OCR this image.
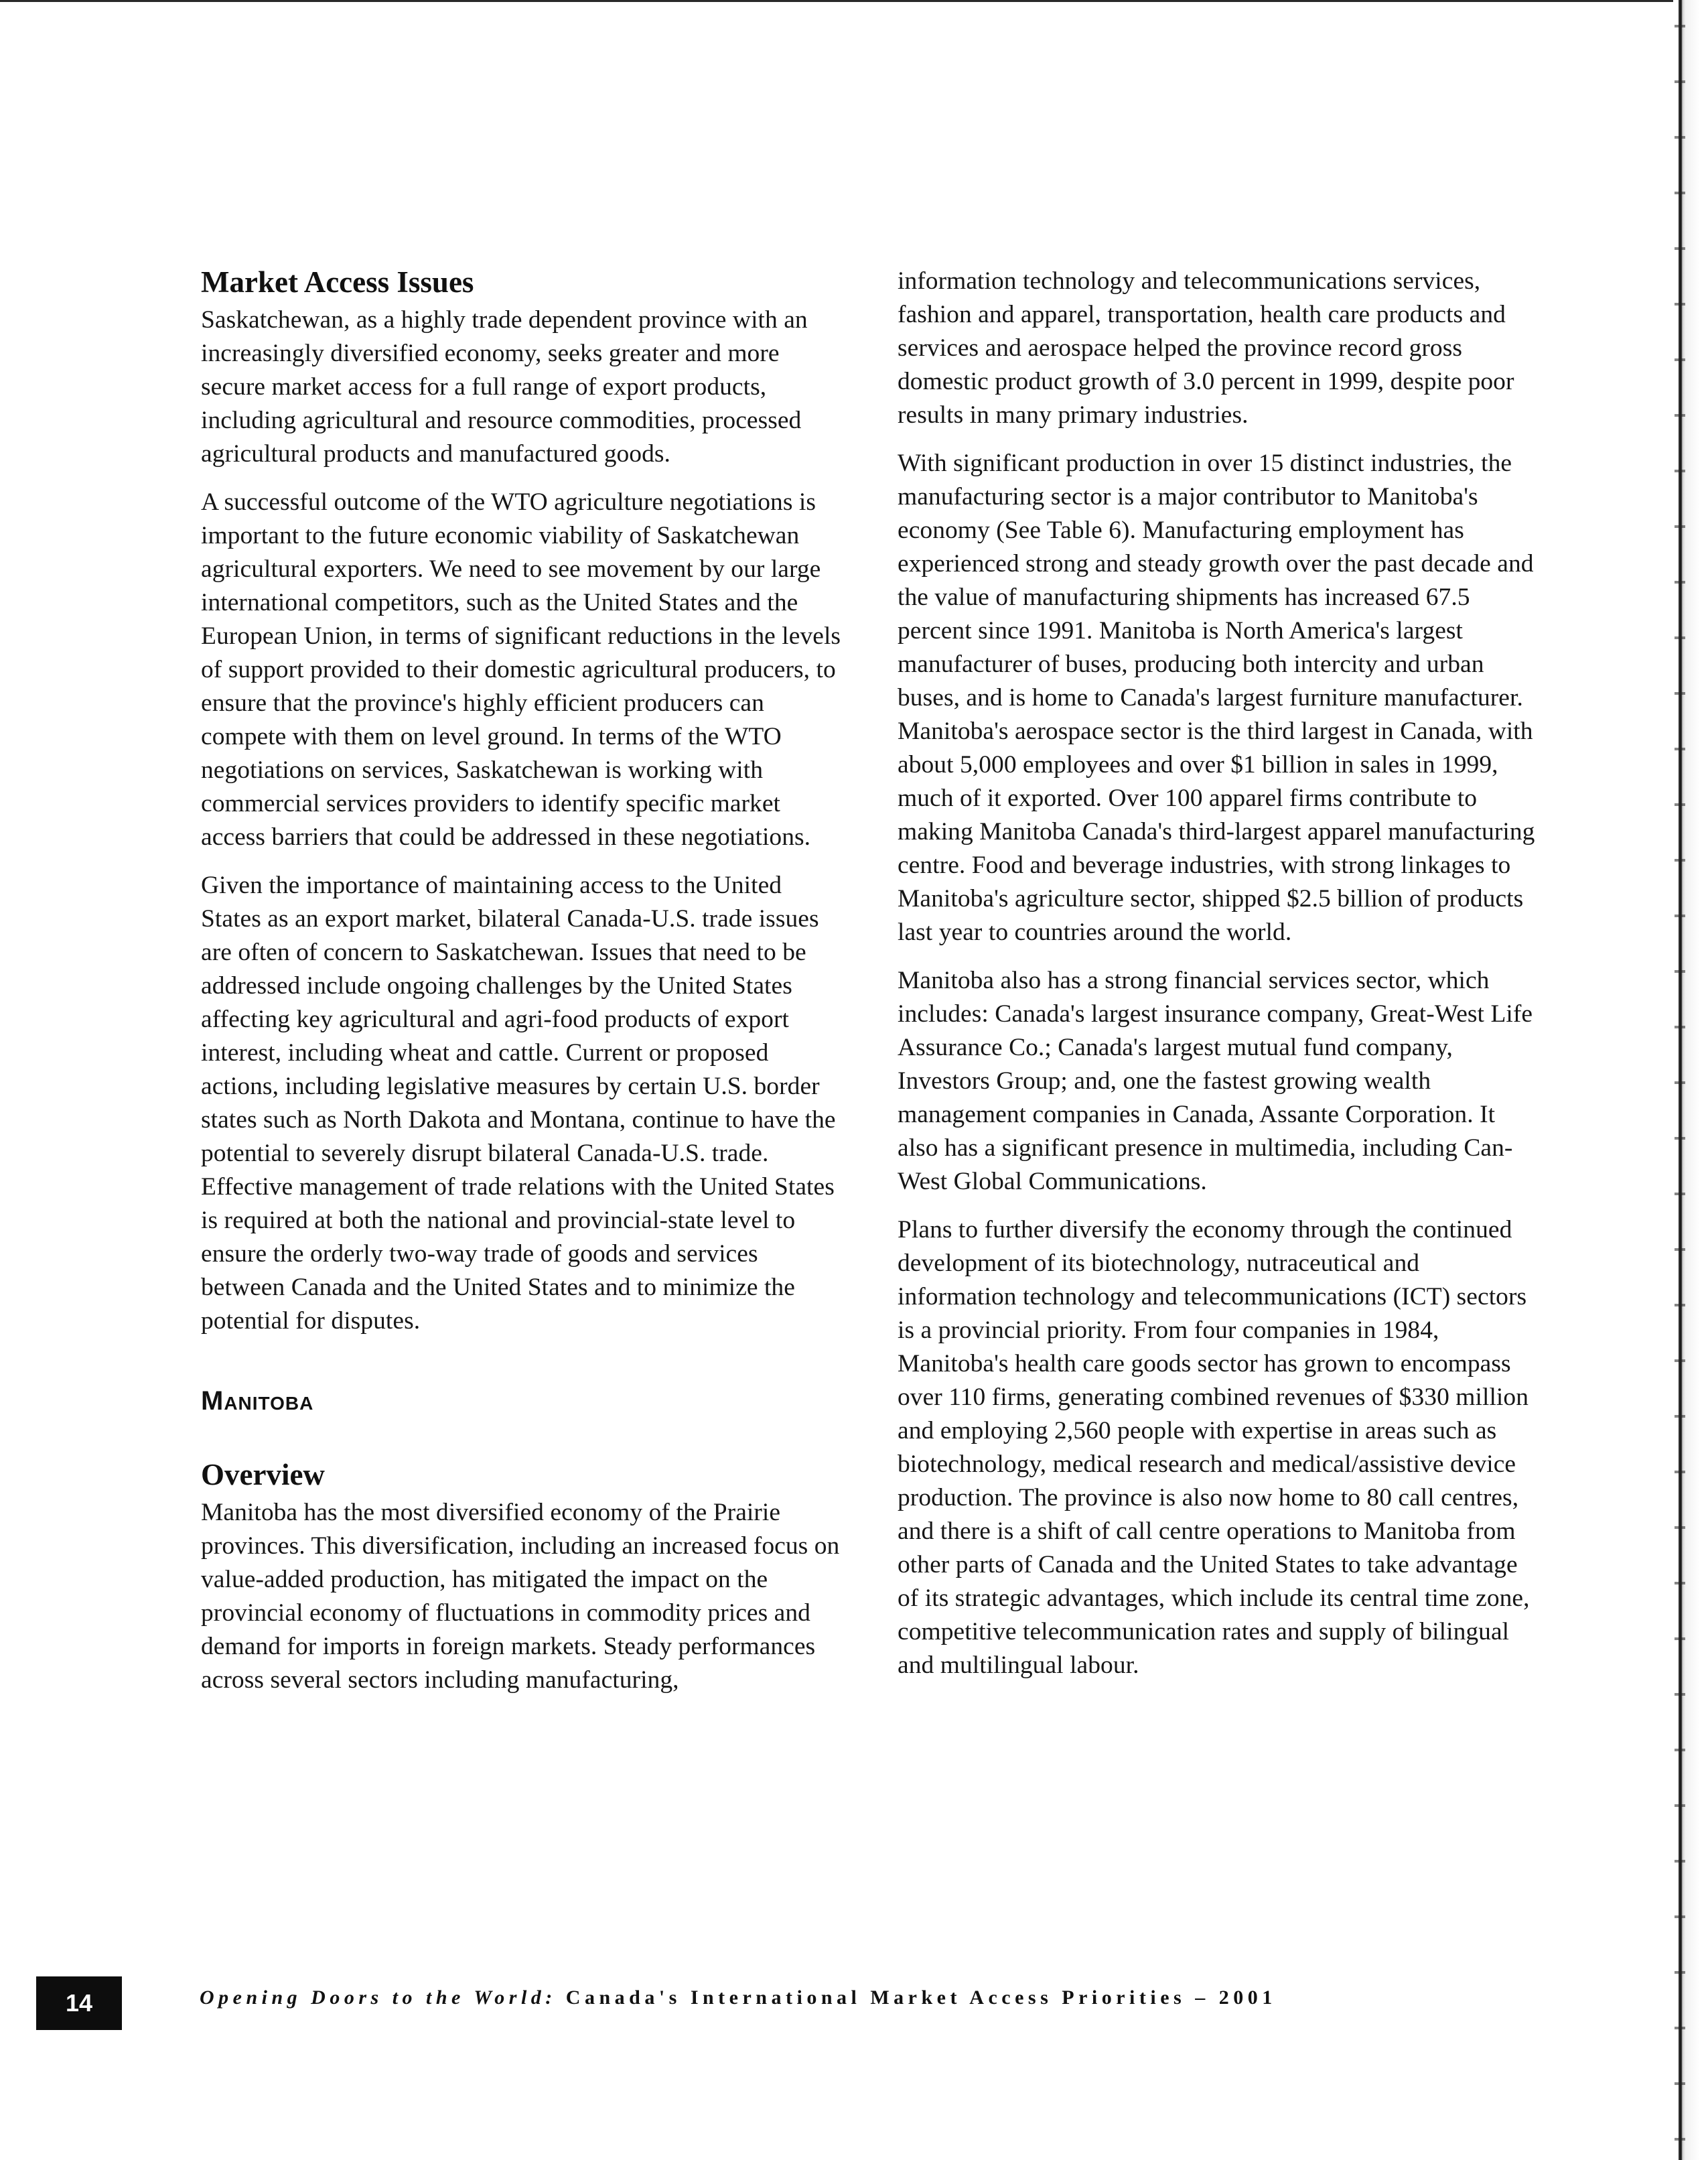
Market Access Issues

Saskatchewan, as a highly trade dependent province with an increasingly diversified economy, seeks greater and more secure market access for a full range of export products, including agricultural and resource commodities, processed agricultural products and manufactured goods.

A successful outcome of the WTO agriculture negotiations is important to the future economic viability of Saskatchewan agricultural exporters. We need to see movement by our large international competitors, such as the United States and the European Union, in terms of significant reductions in the levels of support provided to their domestic agricultural producers, to ensure that the province's highly efficient producers can compete with them on level ground. In terms of the WTO negotiations on services, Saskatchewan is working with commercial services providers to identify specific market access barriers that could be addressed in these negotiations.

Given the importance of maintaining access to the United States as an export market, bilateral Canada-U.S. trade issues are often of concern to Saskatchewan. Issues that need to be addressed include ongoing challenges by the United States affecting key agricultural and agri-food products of export interest, including wheat and cattle. Current or proposed actions, including legislative measures by certain U.S. border states such as North Dakota and Montana, continue to have the potential to severely disrupt bilateral Canada-U.S. trade. Effective management of trade relations with the United States is required at both the national and provincial-state level to ensure the orderly two-way trade of goods and services between Canada and the United States and to minimize the potential for disputes.

Manitoba
Overview

Manitoba has the most diversified economy of the Prairie provinces. This diversification, including an increased focus on value-added production, has mitigated the impact on the provincial economy of fluctuations in commodity prices and demand for imports in foreign markets. Steady performances across several sectors including manufacturing,

information technology and telecommunications services, fashion and apparel, transportation, health care products and services and aerospace helped the province record gross domestic product growth of 3.0 percent in 1999, despite poor results in many primary industries.

With significant production in over 15 distinct industries, the manufacturing sector is a major contributor to Manitoba's economy (See Table 6). Manufacturing employment has experienced strong and steady growth over the past decade and the value of manufacturing shipments has increased 67.5 percent since 1991. Manitoba is North America's largest manufacturer of buses, producing both intercity and urban buses, and is home to Canada's largest furniture manufacturer. Manitoba's aerospace sector is the third largest in Canada, with about 5,000 employees and over $1 billion in sales in 1999, much of it exported. Over 100 apparel firms contribute to making Manitoba Canada's third-largest apparel manufacturing centre. Food and beverage industries, with strong linkages to Manitoba's agriculture sector, shipped $2.5 billion of products last year to countries around the world.

Manitoba also has a strong financial services sector, which includes: Canada's largest insurance company, Great-West Life Assurance Co.; Canada's largest mutual fund company, Investors Group; and, one the fastest growing wealth management companies in Canada, Assante Corporation. It also has a significant presence in multimedia, including Can-West Global Communications.

Plans to further diversify the economy through the continued development of its biotechnology, nutraceutical and information technology and telecommunications (ICT) sectors is a provincial priority. From four companies in 1984, Manitoba's health care goods sector has grown to encompass over 110 firms, generating combined revenues of $330 million and employing 2,560 people with expertise in areas such as biotechnology, medical research and medical/assistive device production. The province is also now home to 80 call centres, and there is a shift of call centre operations to Manitoba from other parts of Canada and the United States to take advantage of its strategic advantages, which include its central time zone, competitive telecommunication rates and supply of bilingual and multilingual labour.

14	Opening Doors to the World: Canada's International Market Access Priorities – 2001
